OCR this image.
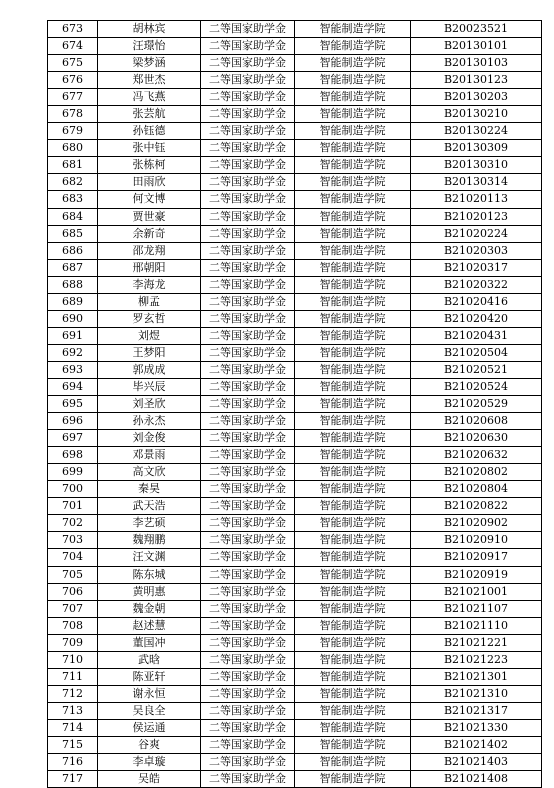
673	胡林宾	二等国家助学金	智能制造学院	B20023521
674	汪璟怡	二等国家助学金	智能制造学院	B20130101
675	梁梦涵	二等国家助学金	智能制造学院	B20130103
676	郑世杰	二等国家助学金	智能制造学院	B20130123
677	冯飞燕	二等国家助学金	智能制造学院	B20130203
678	张芸航	二等国家助学金	智能制造学院	B20130210
679	孙钰德	二等国家助学金	智能制造学院	B20130224
680	张中钰	二等国家助学金	智能制造学院	B20130309
681	张栋柯	二等国家助学金	智能制造学院	B20130310
682	田雨欣	二等国家助学金	智能制造学院	B20130314
683	何文博	二等国家助学金	智能制造学院	B21020113
684	贾世豪	二等国家助学金	智能制造学院	B21020123
685	余新奇	二等国家助学金	智能制造学院	B21020224
686	邵龙翔	二等国家助学金	智能制造学院	B21020303
687	邢朝阳	二等国家助学金	智能制造学院	B21020317
688	李海龙	二等国家助学金	智能制造学院	B21020322
689	柳孟	二等国家助学金	智能制造学院	B21020416
690	罗玄哲	二等国家助学金	智能制造学院	B21020420
691	刘煜	二等国家助学金	智能制造学院	B21020431
692	王梦阳	二等国家助学金	智能制造学院	B21020504
693	郭成成	二等国家助学金	智能制造学院	B21020521
694	毕兴辰	二等国家助学金	智能制造学院	B21020524
695	刘圣欣	二等国家助学金	智能制造学院	B21020529
696	孙永杰	二等国家助学金	智能制造学院	B21020608
697	刘金俊	二等国家助学金	智能制造学院	B21020630
698	邓景雨	二等国家助学金	智能制造学院	B21020632
699	高文欣	二等国家助学金	智能制造学院	B21020802
700	秦昊	二等国家助学金	智能制造学院	B21020804
701	武天浩	二等国家助学金	智能制造学院	B21020822
702	李艺硕	二等国家助学金	智能制造学院	B21020902
703	魏翔鹏	二等国家助学金	智能制造学院	B21020910
704	汪文渊	二等国家助学金	智能制造学院	B21020917
705	陈东城	二等国家助学金	智能制造学院	B21020919
706	黄明惠	二等国家助学金	智能制造学院	B21021001
707	魏金朝	二等国家助学金	智能制造学院	B21021107
708	赵述慧	二等国家助学金	智能制造学院	B21021110
709	董国冲	二等国家助学金	智能制造学院	B21021221
710	武晗	二等国家助学金	智能制造学院	B21021223
711	陈亚轩	二等国家助学金	智能制造学院	B21021301
712	谢永恒	二等国家助学金	智能制造学院	B21021310
713	吴良全	二等国家助学金	智能制造学院	B21021317
714	侯运通	二等国家助学金	智能制造学院	B21021330
715	谷爽	二等国家助学金	智能制造学院	B21021402
716	李卓璇	二等国家助学金	智能制造学院	B21021403
717	吴皓	二等国家助学金	智能制造学院	B21021408
